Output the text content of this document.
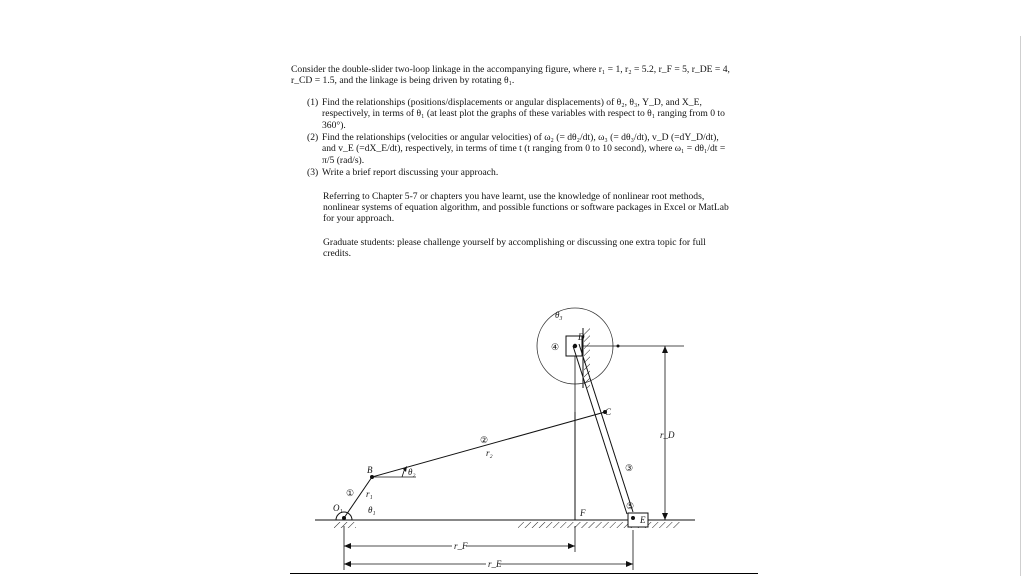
Consider the double-slider two-loop linkage in the accompanying figure, where r₁ = 1, r₂ = 5.2, r_F = 5, r_DE = 4, r_CD = 1.5, and the linkage is being driven by rotating θ₁.

(1) Find the relationships (positions/displacements or angular displacements) of θ₂, θ₃, Y_D, and X_E, respectively, in terms of θ₁ (at least plot the graphs of these variables with respect to θ₁ ranging from 0 to 360°).
(2) Find the relationships (velocities or angular velocities) of ω₂ (= dθ₂/dt), ω₃ (= dθ₃/dt), v_D (=dY_D/dt), and v_E (=dX_E/dt), respectively, in terms of time t (t ranging from 0 to 10 second), where ω₁ = dθ₁/dt = π/5 (rad/s).
(3) Write a brief report discussing your approach.

Referring to Chapter 5-7 or chapters you have learnt, use the knowledge of nonlinear root methods, nonlinear systems of equation algorithm, and possible functions or software packages in Excel or MatLab for your approach.

Graduate students: please challenge yourself by accomplishing or discussing one extra topic for full credits.

θ₃
D
④
③
C
F
②
r₂
B	θ₂
① r₁
θ₁
O₁
E
⑤
r_D
r_F
r_E
